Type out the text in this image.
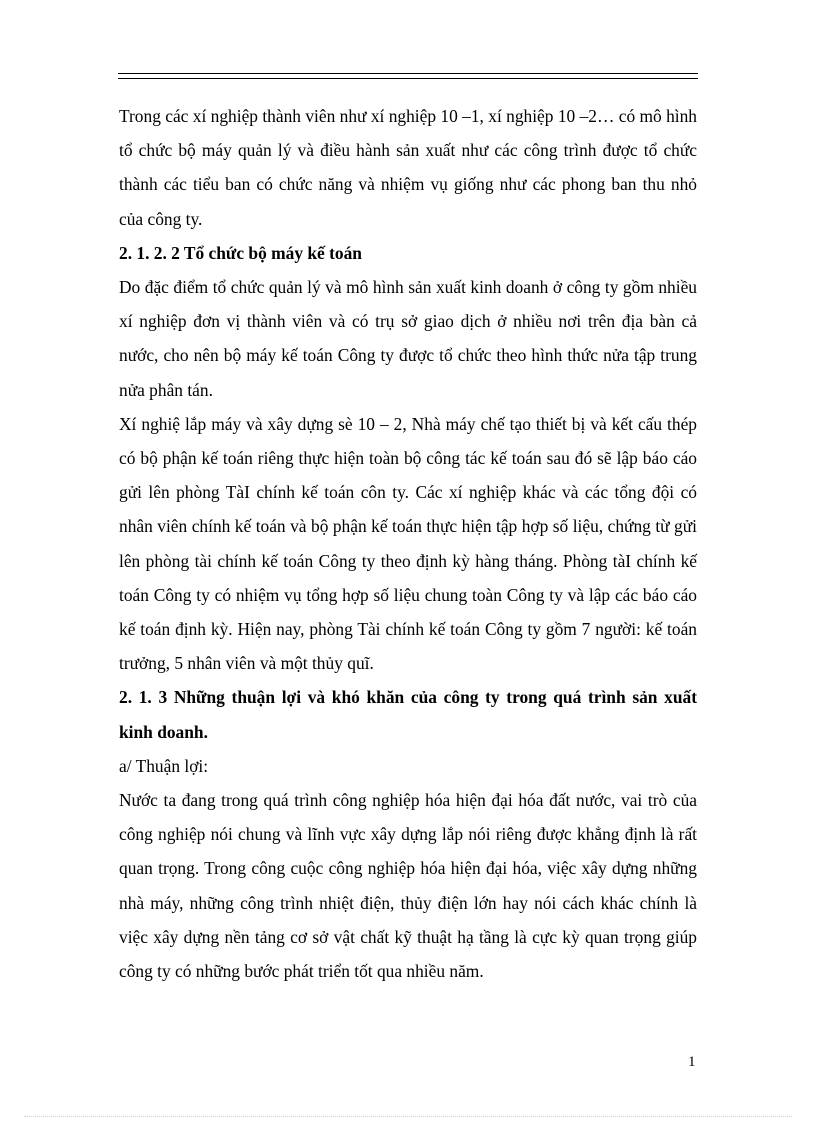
Trong các xí nghiệp thành viên như xí nghiệp 10 –1, xí nghiệp 10 –2… có mô hình tổ chức bộ máy quản lý và điều hành sản xuất như các công trình được tổ chức thành các tiểu ban có chức năng và nhiệm vụ giống như các phong ban thu nhỏ của công ty.

2. 1. 2. 2 Tổ chức bộ máy kế toán

Do đặc điểm tổ chức quản lý và mô hình sản xuất kinh doanh ở công ty gồm nhiều xí nghiệp đơn vị thành viên và có trụ sở giao dịch ở nhiều nơi trên địa bàn cả nước, cho nên bộ máy kế toán Công ty được tổ chức theo hình thức nửa tập trung nửa phân tán.

Xí nghiệ lắp máy và xây dựng sè 10 – 2, Nhà máy chế tạo thiết bị và kết cấu thép có bộ phận kế toán riêng thực hiện toàn bộ công tác kế toán sau đó sẽ lập báo cáo gửi lên phòng TàI chính kế toán côn ty. Các xí nghiệp khác và các tổng đội có nhân viên chính kế toán và bộ phận kế toán thực hiện tập hợp số liệu, chứng từ gửi lên phòng tài chính kế toán Công ty theo định kỳ hàng tháng. Phòng tàI chính kế toán Công ty có nhiệm vụ tổng hợp số liệu chung toàn Công ty và lập các báo cáo kế toán định kỳ. Hiện nay, phòng Tài chính kế toán Công ty gồm 7 người: kế toán trưởng, 5 nhân viên và một thủy quĩ.

2. 1. 3 Những thuận lợi và khó khăn của công ty trong quá trình sản xuất kinh doanh.

a/ Thuận lợi:

Nước ta đang trong quá trình công nghiệp hóa hiện đại hóa đất nước, vai trò của công nghiệp nói chung và lĩnh vực xây dựng lắp nói riêng được khẳng định là rất quan trọng. Trong công cuộc công nghiệp hóa hiện đại hóa, việc xây dựng những nhà máy, những công trình nhiệt điện, thủy điện lớn hay nói cách khác chính là việc xây dựng nền tảng cơ sở vật chất kỹ thuật hạ tầng là cực kỳ quan trọng giúp công ty có những bước phát triển tốt qua nhiều năm.

1
